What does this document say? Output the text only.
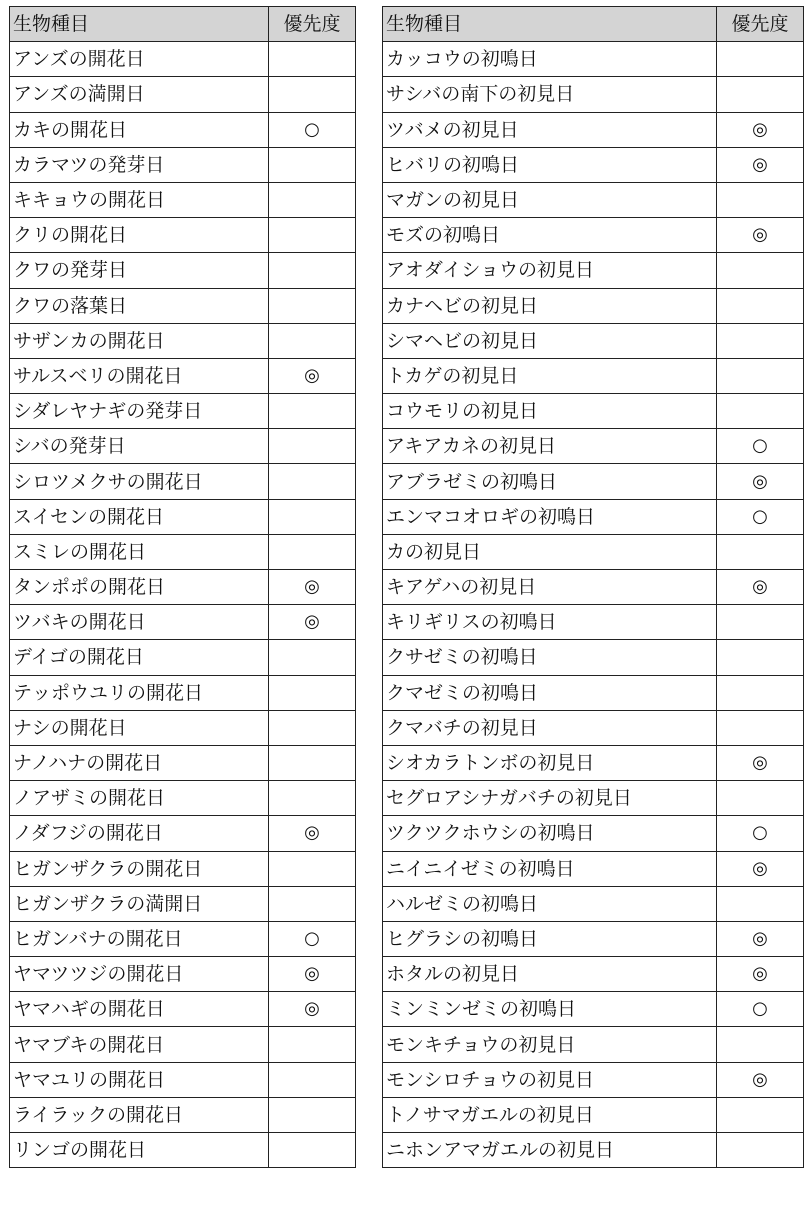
生物種目	優先度
アンズの開花日	
アンズの満開日	
カキの開花日	○
カラマツの発芽日	
キキョウの開花日	
クリの開花日	
クワの発芽日	
クワの落葉日	
サザンカの開花日	
サルスベリの開花日	◎
シダレヤナギの発芽日	
シバの発芽日	
シロツメクサの開花日	
スイセンの開花日	
スミレの開花日	
タンポポの開花日	◎
ツバキの開花日	◎
デイゴの開花日	
テッポウユリの開花日	
ナシの開花日	
ナノハナの開花日	
ノアザミの開花日	
ノダフジの開花日	◎
ヒガンザクラの開花日	
ヒガンザクラの満開日	
ヒガンバナの開花日	○
ヤマツツジの開花日	◎
ヤマハギの開花日	◎
ヤマブキの開花日	
ヤマユリの開花日	
ライラックの開花日	
リンゴの開花日	
生物種目	優先度
カッコウの初鳴日	
サシバの南下の初見日	
ツバメの初見日	◎
ヒバリの初鳴日	◎
マガンの初見日	
モズの初鳴日	◎
アオダイショウの初見日	
カナヘビの初見日	
シマヘビの初見日	
トカゲの初見日	
コウモリの初見日	
アキアカネの初見日	○
アブラゼミの初鳴日	◎
エンマコオロギの初鳴日	○
カの初見日	
キアゲハの初見日	◎
キリギリスの初鳴日	
クサゼミの初鳴日	
クマゼミの初鳴日	
クマバチの初見日	
シオカラトンボの初見日	◎
セグロアシナガバチの初見日	
ツクツクホウシの初鳴日	○
ニイニイゼミの初鳴日	◎
ハルゼミの初鳴日	
ヒグラシの初鳴日	◎
ホタルの初見日	◎
ミンミンゼミの初鳴日	○
モンキチョウの初見日	
モンシロチョウの初見日	◎
トノサマガエルの初見日	
ニホンアマガエルの初見日	
